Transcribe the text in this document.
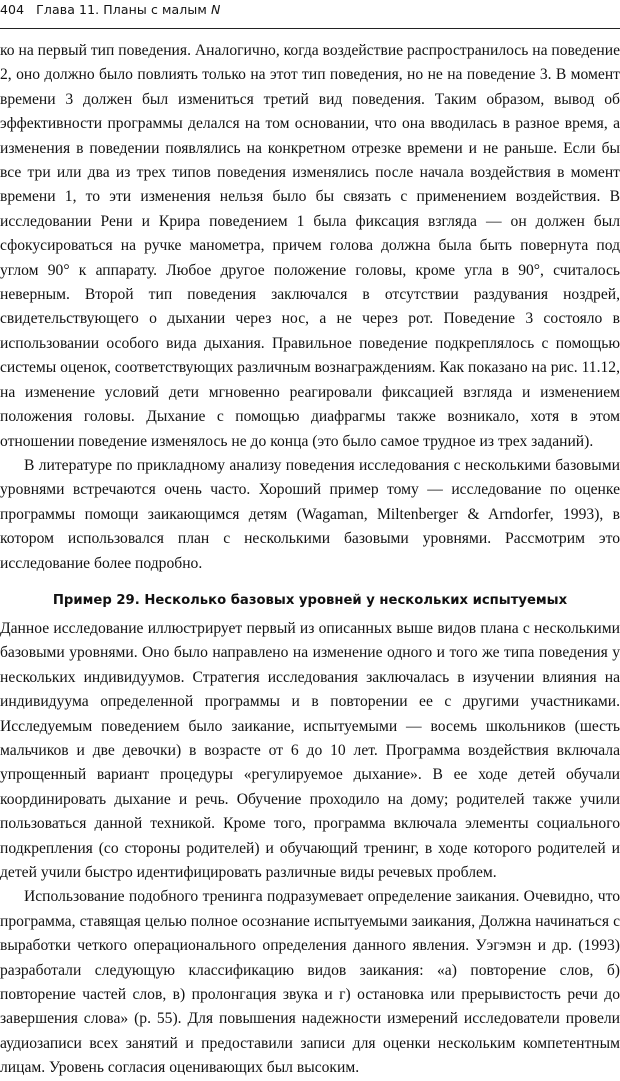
404 Глава 11. Планы с малым N

ко на первый тип поведения. Аналогично, когда воздействие распространилось на поведение 2, оно должно было повлиять только на этот тип поведения, но не на поведение 3. В момент времени 3 должен был измениться третий вид поведения. Таким образом, вывод об эффективности программы делался на том основании, что она вводилась в разное время, а изменения в поведении появлялись на конкретном отрезке времени и не раньше. Если бы все три или два из трех типов поведения изменялись после начала воздействия в момент времени 1, то эти изменения нельзя было бы связать с применением воздействия. В исследовании Рени и Крира поведением 1 была фиксация взгляда — он должен был сфокусироваться на ручке манометра, причем голова должна была быть повернута под углом 90° к аппарату. Любое другое положение головы, кроме угла в 90°, считалось неверным. Второй тип поведения заключался в отсутствии раздувания ноздрей, свидетельствующего о дыхании через нос, а не через рот. Поведение 3 состояло в использовании особого вида дыхания. Правильное поведение подкреплялось с помощью системы оценок, соответствующих различным вознаграждениям. Как показано на рис. 11.12, на изменение условий дети мгновенно реагировали фиксацией взгляда и изменением положения головы. Дыхание с помощью диафрагмы также возникало, хотя в этом отношении поведение изменялось не до конца (это было самое трудное из трех заданий).

В литературе по прикладному анализу поведения исследования с несколькими базовыми уровнями встречаются очень часто. Хороший пример тому — исследование по оценке программы помощи заикающимся детям (Wagaman, Miltenberger & Arndorfer, 1993), в котором использовался план с несколькими базовыми уровнями. Рассмотрим это исследование более подробно.

Пример 29. Несколько базовых уровней у нескольких испытуемых

Данное исследование иллюстрирует первый из описанных выше видов плана с несколькими базовыми уровнями. Оно было направлено на изменение одного и того же типа поведения у нескольких индивидуумов. Стратегия исследования заключалась в изучении влияния на индивидуума определенной программы и в повторении ее с другими участниками. Исследуемым поведением было заикание, испытуемыми — восемь школьников (шесть мальчиков и две девочки) в возрасте от 6 до 10 лет. Программа воздействия включала упрощенный вариант процедуры «регулируемое дыхание». В ее ходе детей обучали координировать дыхание и речь. Обучение проходило на дому; родителей также учили пользоваться данной техникой. Кроме того, программа включала элементы социального подкрепления (со стороны родителей) и обучающий тренинг, в ходе которого родителей и детей учили быстро идентифицировать различные виды речевых проблем.

Использование подобного тренинга подразумевает определение заикания. Очевидно, что программа, ставящая целью полное осознание испытуемыми заикания, Должна начинаться с выработки четкого операционального определения данного явления. Уэгэмэн и др. (1993) разработали следующую классификацию видов заикания: «а) повторение слов, б) повторение частей слов, в) пролонгация звука и г) остановка или прерывистость речи до завершения слова» (р. 55). Для повышения надежности измерений исследователи провели аудиозаписи всех занятий и предоставили записи для оценки нескольким компетентным лицам. Уровень согласия оценивающих был высоким.
